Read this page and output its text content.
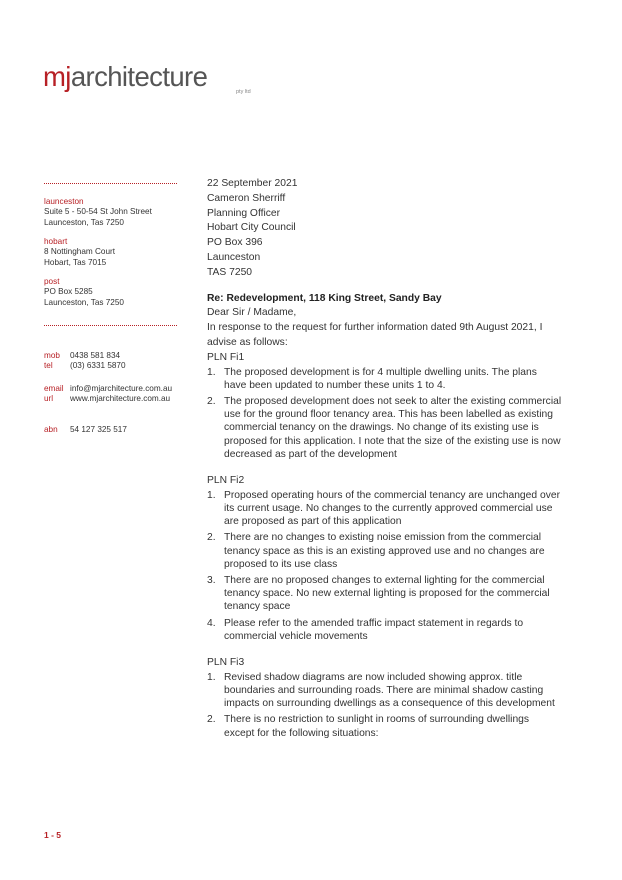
mjarchitecture	pty ltd
launceston
Suite 5 - 50-54 St John Street
Launceston, Tas 7250
hobart
8 Nottingham Court
Hobart, Tas 7015
post
PO Box 5285
Launceston, Tas 7250
mob	0438 581 834
tel	(03) 6331 5870
email info@mjarchitecture.com.au
url	www.mjarchitecture.com.au
abn	54 127 325 517
1 - 5

22 September 2021

Cameron Sherriff

Planning Officer

Hobart City Council

PO Box 396

Launceston

TAS 7250

Re: Redevelopment, 118 King Street, Sandy Bay

Dear Sir / Madame,

In response to the request for further information dated 9th August 2021, I advise as follows:

PLN Fi1

1. The proposed development is for 4 multiple dwelling units. The plans have been updated to number these units 1 to 4.
2. The proposed development does not seek to alter the existing commercial use for the ground floor tenancy area. This has been labelled as existing commercial tenancy on the drawings. No change of its existing use is proposed for this application. I note that the size of the existing use is now decreased as part of the development

PLN Fi2

1. Proposed operating hours of the commercial tenancy are unchanged over its current usage. No changes to the currently approved commercial use are proposed as part of this application
2. There are no changes to existing noise emission from the commercial tenancy space as this is an existing approved use and no changes are proposed to its use class
3. There are no proposed changes to external lighting for the commercial tenancy space. No new external lighting is proposed for the commercial tenancy space
4. Please refer to the amended traffic impact statement in regards to commercial vehicle movements

PLN Fi3

1. Revised shadow diagrams are now included showing approx. title boundaries and surrounding roads. There are minimal shadow casting impacts on surrounding dwellings as a consequence of this development
2. There is no restriction to sunlight in rooms of surrounding dwellings except for the following situations:
